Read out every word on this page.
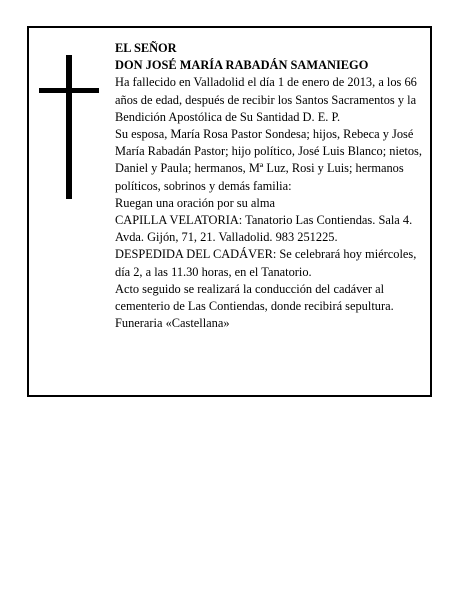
EL SEÑOR

DON JOSÉ MARÍA RABADÁN SAMANIEGO

Ha fallecido en Valladolid el día 1 de enero de 2013, a los 66 años de edad, después de recibir los Santos Sacramentos y la Bendición Apostólica de Su Santidad D. E. P.

Su esposa, María Rosa Pastor Sondesa; hijos, Rebeca y José María Rabadán Pastor; hijo político, José Luis Blanco; nietos, Daniel y Paula; hermanos, Mª Luz, Rosi y Luis; hermanos políticos, sobrinos y demás familia:

Ruegan una oración por su alma

CAPILLA VELATORIA: Tanatorio Las Contiendas. Sala 4. Avda. Gijón, 71, 21. Valladolid. 983 251225.

DESPEDIDA DEL CADÁVER: Se celebrará hoy miércoles, día 2, a las 11.30 horas, en el Tanatorio.

Acto seguido se realizará la conducción del cadáver al cementerio de Las Contiendas, donde recibirá sepultura.

Funeraria «Castellana»
